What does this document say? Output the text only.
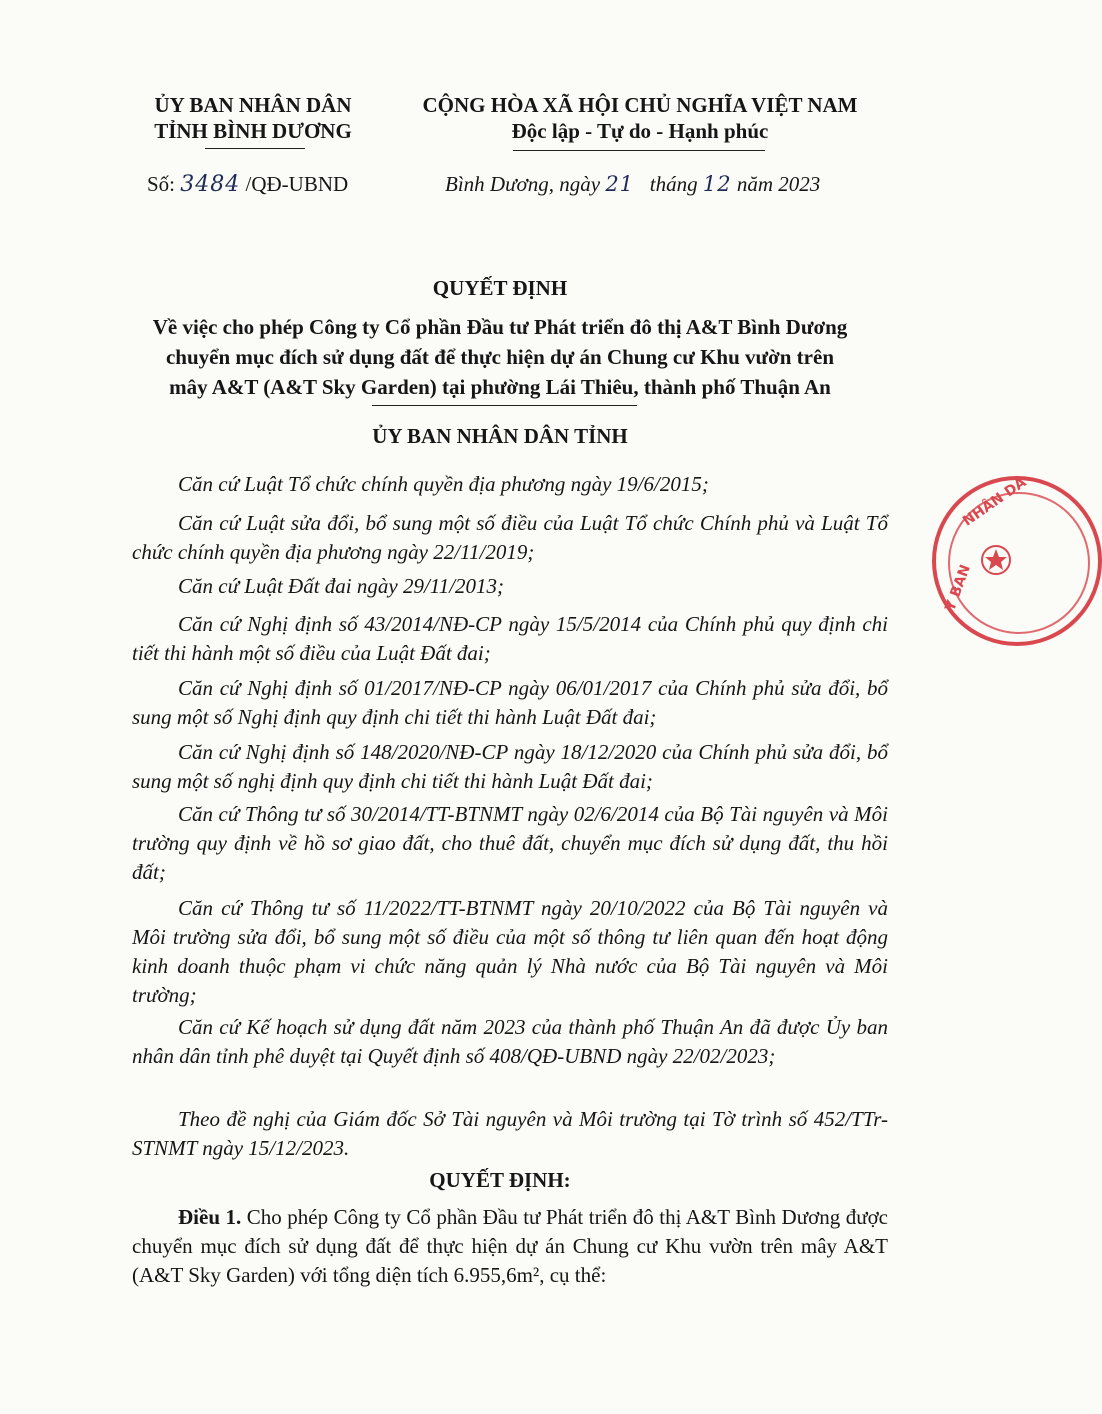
ỦY BAN NHÂN DÂN
TỈNH BÌNH DƯƠNG
CỘNG HÒA XÃ HỘI CHỦ NGHĨA VIỆT NAM
Độc lập - Tự do - Hạnh phúc
Số: 3484 /QĐ-UBND	Bình Dương, ngày 21 tháng 12 năm 2023
QUYẾT ĐỊNH
Về việc cho phép Công ty Cổ phần Đầu tư Phát triển đô thị A&T Bình Dương
chuyển mục đích sử dụng đất để thực hiện dự án Chung cư Khu vườn trên
mây A&T (A&T Sky Garden) tại phường Lái Thiêu, thành phố Thuận An
ỦY BAN NHÂN DÂN TỈNH
Căn cứ Luật Tổ chức chính quyền địa phương ngày 19/6/2015;
Căn cứ Luật sửa đổi, bổ sung một số điều của Luật Tổ chức Chính phủ và Luật Tổ chức chính quyền địa phương ngày 22/11/2019;
Căn cứ Luật Đất đai ngày 29/11/2013;
Căn cứ Nghị định số 43/2014/NĐ-CP ngày 15/5/2014 của Chính phủ quy định chi tiết thi hành một số điều của Luật Đất đai;
Căn cứ Nghị định số 01/2017/NĐ-CP ngày 06/01/2017 của Chính phủ sửa đổi, bổ sung một số Nghị định quy định chi tiết thi hành Luật Đất đai;
Căn cứ Nghị định số 148/2020/NĐ-CP ngày 18/12/2020 của Chính phủ sửa đổi, bổ sung một số nghị định quy định chi tiết thi hành Luật Đất đai;
Căn cứ Thông tư số 30/2014/TT-BTNMT ngày 02/6/2014 của Bộ Tài nguyên và Môi trường quy định về hồ sơ giao đất, cho thuê đất, chuyển mục đích sử dụng đất, thu hồi đất;
Căn cứ Thông tư số 11/2022/TT-BTNMT ngày 20/10/2022 của Bộ Tài nguyên và Môi trường sửa đổi, bổ sung một số điều của một số thông tư liên quan đến hoạt động kinh doanh thuộc phạm vi chức năng quản lý Nhà nước của Bộ Tài nguyên và Môi trường;
Căn cứ Kế hoạch sử dụng đất năm 2023 của thành phố Thuận An đã được Ủy ban nhân dân tỉnh phê duyệt tại Quyết định số 408/QĐ-UBND ngày 22/02/2023;
Theo đề nghị của Giám đốc Sở Tài nguyên và Môi trường tại Tờ trình số 452/TTr-STNMT ngày 15/12/2023.
QUYẾT ĐỊNH:
Điều 1. Cho phép Công ty Cổ phần Đầu tư Phát triển đô thị A&T Bình Dương được chuyển mục đích sử dụng đất để thực hiện dự án Chung cư Khu vườn trên mây A&T (A&T Sky Garden) với tổng diện tích 6.955,6m², cụ thể:
NHÂN DÂ
Y BAN
